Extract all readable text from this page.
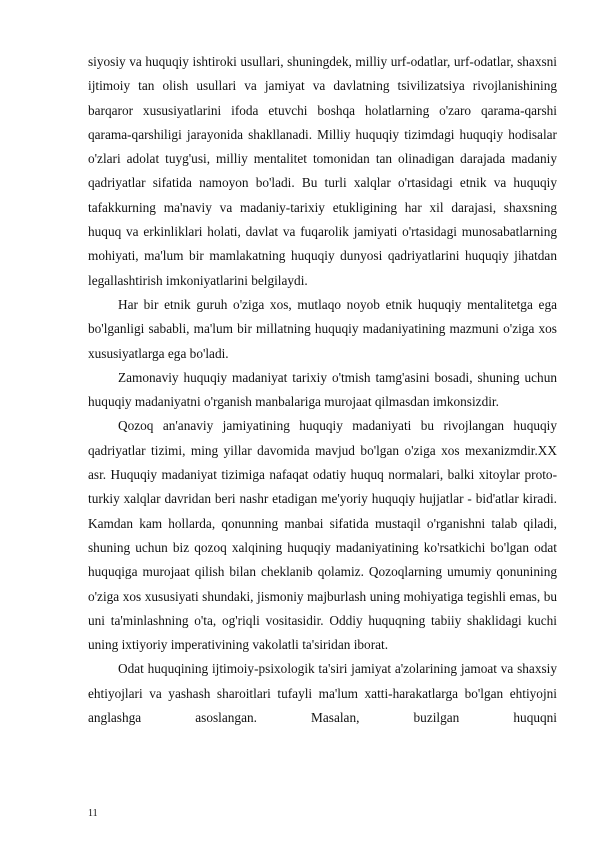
siyosiy va huquqiy ishtiroki usullari, shuningdek, milliy urf-odatlar, urf-odatlar, shaxsni ijtimoiy tan olish usullari va jamiyat va davlatning tsivilizatsiya rivojlanishining barqaror xususiyatlarini ifoda etuvchi boshqa holatlarning o'zaro qarama-qarshi qarama-qarshiligi jarayonida shakllanadi. Milliy huquqiy tizimdagi huquqiy hodisalar o'zlari adolat tuyg'usi, milliy mentalitet tomonidan tan olinadigan darajada madaniy qadriyatlar sifatida namoyon bo'ladi. Bu turli xalqlar o'rtasidagi etnik va huquqiy tafakkurning ma'naviy va madaniy-tarixiy etukligining har xil darajasi, shaxsning huquq va erkinliklari holati, davlat va fuqarolik jamiyati o'rtasidagi munosabatlarning mohiyati, ma'lum bir mamlakatning huquqiy dunyosi qadriyatlarini huquqiy jihatdan legallashtirish imkoniyatlarini belgilaydi.

Har bir etnik guruh o'ziga xos, mutlaqo noyob etnik huquqiy mentalitetga ega bo'lganligi sababli, ma'lum bir millatning huquqiy madaniyatining mazmuni o'ziga xos xususiyatlarga ega bo'ladi.

Zamonaviy huquqiy madaniyat tarixiy o'tmish tamg'asini bosadi, shuning uchun huquqiy madaniyatni o'rganish manbalariga murojaat qilmasdan imkonsizdir.

Qozoq an'anaviy jamiyatining huquqiy madaniyati bu rivojlangan huquqiy qadriyatlar tizimi, ming yillar davomida mavjud bo'lgan o'ziga xos mexanizmdir.XX asr. Huquqiy madaniyat tizimiga nafaqat odatiy huquq normalari, balki xitoylar proto-turkiy xalqlar davridan beri nashr etadigan me'yoriy huquqiy hujjatlar - bid'atlar kiradi. Kamdan kam hollarda, qonunning manbai sifatida mustaqil o'rganishni talab qiladi, shuning uchun biz qozoq xalqining huquqiy madaniyatining ko'rsatkichi bo'lgan odat huquqiga murojaat qilish bilan cheklanib qolamiz. Qozoqlarning umumiy qonunining o'ziga xos xususiyati shundaki, jismoniy majburlash uning mohiyatiga tegishli emas, bu uni ta'minlashning o'ta, og'riqli vositasidir. Oddiy huquqning tabiiy shaklidagi kuchi uning ixtiyoriy imperativining vakolatli ta'siridan iborat.

Odat huquqining ijtimoiy-psixologik ta'siri jamiyat a'zolarining jamoat va shaxsiy ehtiyojlari va yashash sharoitlari tufayli ma'lum xatti-harakatlarga bo'lgan ehtiyojni anglashga asoslangan. Masalan, buzilgan huquqni

11
